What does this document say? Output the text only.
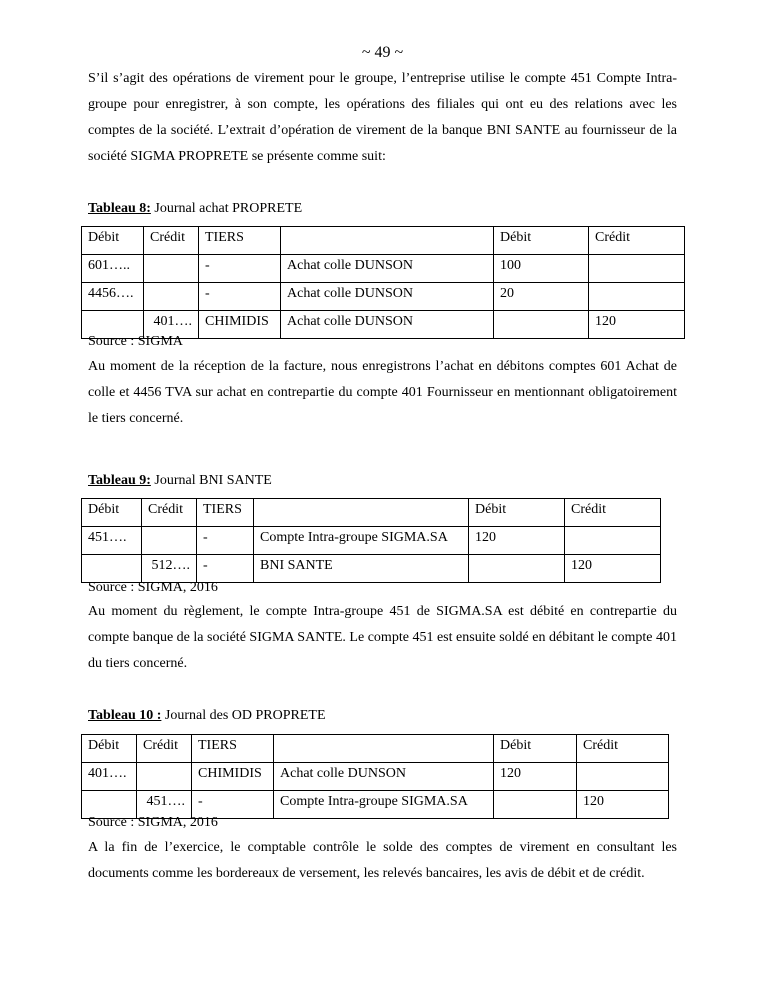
~ 49 ~

S’il s’agit des opérations de virement pour le groupe, l’entreprise utilise le compte 451 Compte Intra-groupe pour enregistrer, à son compte, les opérations des filiales qui ont eu des relations avec les comptes de la société. L’extrait d’opération de virement de la banque BNI SANTE au fournisseur de la société SIGMA PROPRETE se présente comme suit:

Tableau 8: Journal achat PROPRETE

Débit	Crédit	TIERS		Débit	Crédit
601…..		-	Achat colle DUNSON	100	
4456….		-	Achat colle DUNSON	20	
	401….	CHIMIDIS	Achat colle DUNSON		120

Source : SIGMA

Au moment de la réception de la facture, nous enregistrons l’achat en débitons comptes 601 Achat de colle et 4456 TVA sur achat en contrepartie du compte 401 Fournisseur en mentionnant obligatoirement le tiers concerné.

Tableau 9: Journal BNI SANTE

Débit	Crédit	TIERS		Débit	Crédit
451….		-	Compte Intra-groupe SIGMA.SA	120	
	512….	-	BNI SANTE		120

Source : SIGMA, 2016

Au moment du règlement, le compte Intra-groupe 451 de SIGMA.SA est débité en contrepartie du compte banque de la société SIGMA SANTE. Le compte 451 est ensuite soldé en débitant le compte 401 du tiers concerné.

Tableau 10 : Journal des OD PROPRETE

Débit	Crédit	TIERS		Débit	Crédit
401….		CHIMIDIS	Achat colle DUNSON	120	
	451….	-	Compte Intra-groupe SIGMA.SA		120

Source : SIGMA, 2016

A la fin de l’exercice, le comptable contrôle le solde des comptes de virement en consultant les documents comme les bordereaux de versement, les relevés bancaires, les avis de débit et de crédit.
